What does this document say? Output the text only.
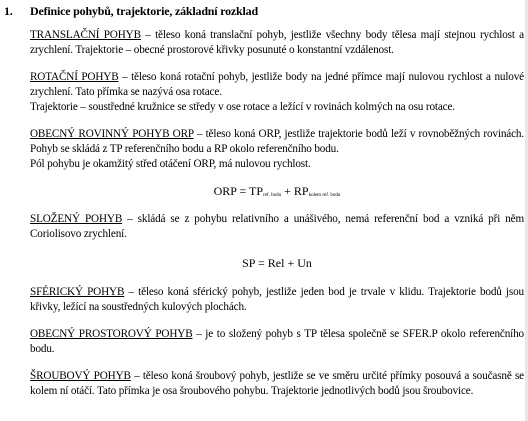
1. Definice pohybů, trajektorie, základní rozklad

TRANSLAČNÍ POHYB – těleso koná translační pohyb, jestliže všechny body tělesa mají stejnou rychlost a zrychlení. Trajektorie – obecné prostorové křivky posunuté o konstantní vzdálenost.

ROTAČNÍ POHYB – těleso koná rotační pohyb, jestliže body na jedné přímce mají nulovou rychlost a nulové zrychlení. Tato přímka se nazývá osa rotace.

Trajektorie – soustředné kružnice se středy v ose rotace a ležící v rovinách kolmých na osu rotace.

OBECNÝ ROVINNÝ POHYB ORP – těleso koná ORP, jestliže trajektorie bodů leží v rovnoběžných rovinách. Pohyb se skládá z TP referenčního bodu a RP okolo referenčního bodu.

Pól pohybu je okamžitý střed otáčení ORP, má nulovou rychlost.

ORP = $TP_{ref. bodu} + RP_{kolem ref. bodu}$

SLOŽENÝ POHYB – skládá se z pohybu relativního a unášivého, nemá referenční bod a vzniká při něm Coriolisovo zrychlení.

SP = Rel + Un

SFÉRICKÝ POHYB – těleso koná sférický pohyb, jestliže jeden bod je trvale v klidu. Trajektorie bodů jsou křivky, ležící na soustředných kulových plochách.

OBECNÝ PROSTOROVÝ POHYB – je to složený pohyb s TP tělesa společně se SFER.P okolo referenčního bodu.

ŠROUBOVÝ POHYB – těleso koná šroubový pohyb, jestliže se ve směru určité přímky posouvá a současně se kolem ní otáčí. Tato přímka je osa šroubového pohybu. Trajektorie jednotlivých bodů jsou šroubovice.
